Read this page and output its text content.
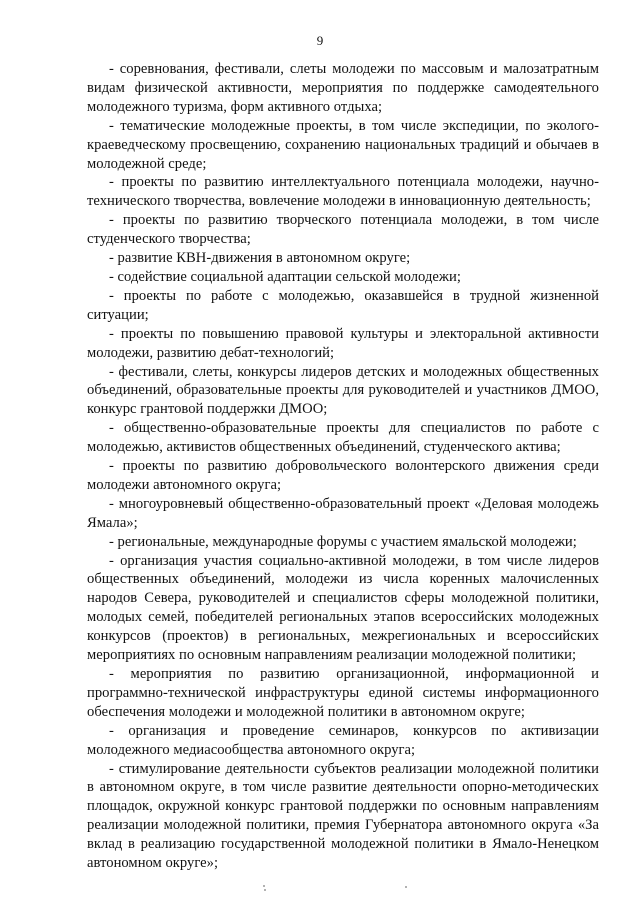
9

- соревнования, фестивали, слеты молодежи по массовым и малозатратным видам физической активности, мероприятия по поддержке самодеятельного молодежного туризма, форм активного отдыха;

- тематические молодежные проекты, в том числе экспедиции, по эколого-краеведческому просвещению, сохранению национальных традиций и обычаев в молодежной среде;

- проекты по развитию интеллектуального потенциала молодежи, научно-технического творчества, вовлечение молодежи в инновационную деятельность;

- проекты по развитию творческого потенциала молодежи, в том числе студенческого творчества;

- развитие КВН-движения в автономном округе;

- содействие социальной адаптации сельской молодежи;

- проекты по работе с молодежью, оказавшейся в трудной жизненной ситуации;

- проекты по повышению правовой культуры и электоральной активности молодежи, развитию дебат-технологий;

- фестивали, слеты, конкурсы лидеров детских и молодежных общественных объединений, образовательные проекты для руководителей и участников ДМОО, конкурс грантовой поддержки ДМОО;

- общественно-образовательные проекты для специалистов по работе с молодежью, активистов общественных объединений, студенческого актива;

- проекты по развитию добровольческого волонтерского движения среди молодежи автономного округа;

- многоуровневый общественно-образовательный проект «Деловая молодежь Ямала»;

- региональные, международные форумы с участием ямальской молодежи;

- организация участия социально-активной молодежи, в том числе лидеров общественных объединений, молодежи из числа коренных малочисленных народов Севера, руководителей и специалистов сферы молодежной политики, молодых семей, победителей региональных этапов всероссийских молодежных конкурсов (проектов) в региональных, межрегиональных и всероссийских мероприятиях по основным направлениям реализации молодежной политики;

- мероприятия по развитию организационной, информационной и программно-технической инфраструктуры единой системы информационного обеспечения молодежи и молодежной политики в автономном округе;

- организация и проведение семинаров, конкурсов по активизации молодежного медиасообщества автономного округа;

- стимулирование деятельности субъектов реализации молодежной политики в автономном округе, в том числе развитие деятельности опорно-методических площадок, окружной конкурс грантовой поддержки по основным направлениям реализации молодежной политики, премия Губернатора автономного округа «За вклад в реализацию государственной молодежной политики в Ямало-Ненецком автономном округе»;
